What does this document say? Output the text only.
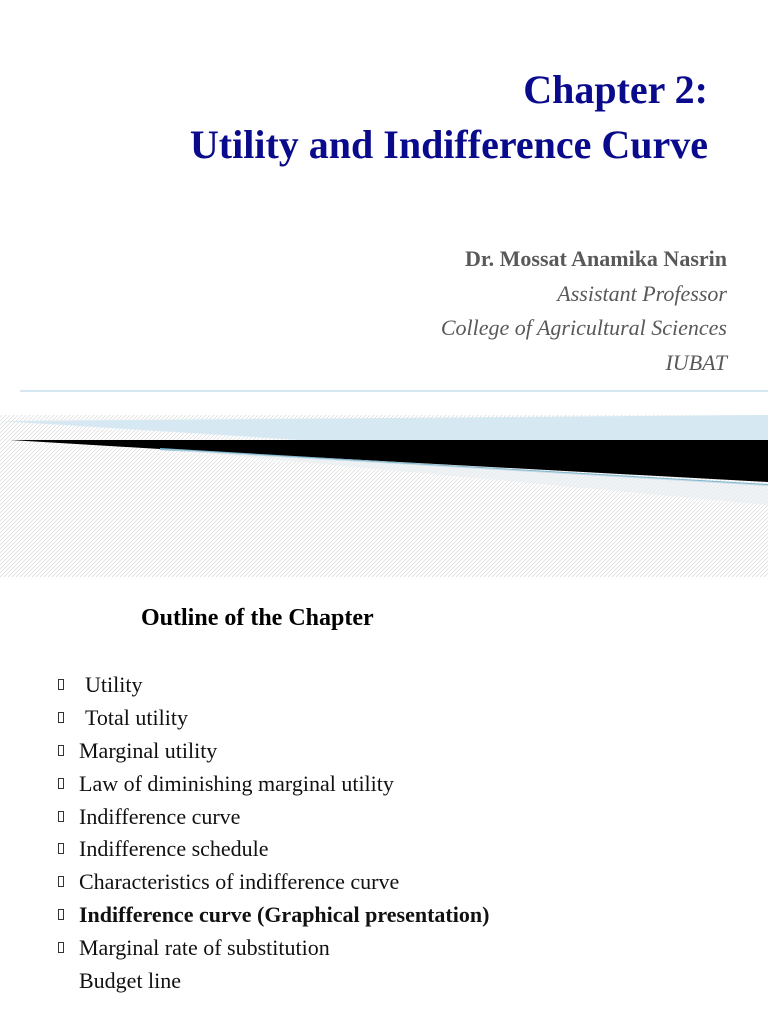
Chapter 2:
Utility and Indifference Curve
Dr. Mossat Anamika Nasrin
Assistant Professor
College of Agricultural Sciences
IUBAT
Outline of the Chapter
Utility
Total utility
Marginal utility
Law of diminishing marginal utility
Indifference curve
Indifference schedule
Characteristics of indifference curve
Indifference curve (Graphical presentation)
Marginal rate of substitution
Budget line
